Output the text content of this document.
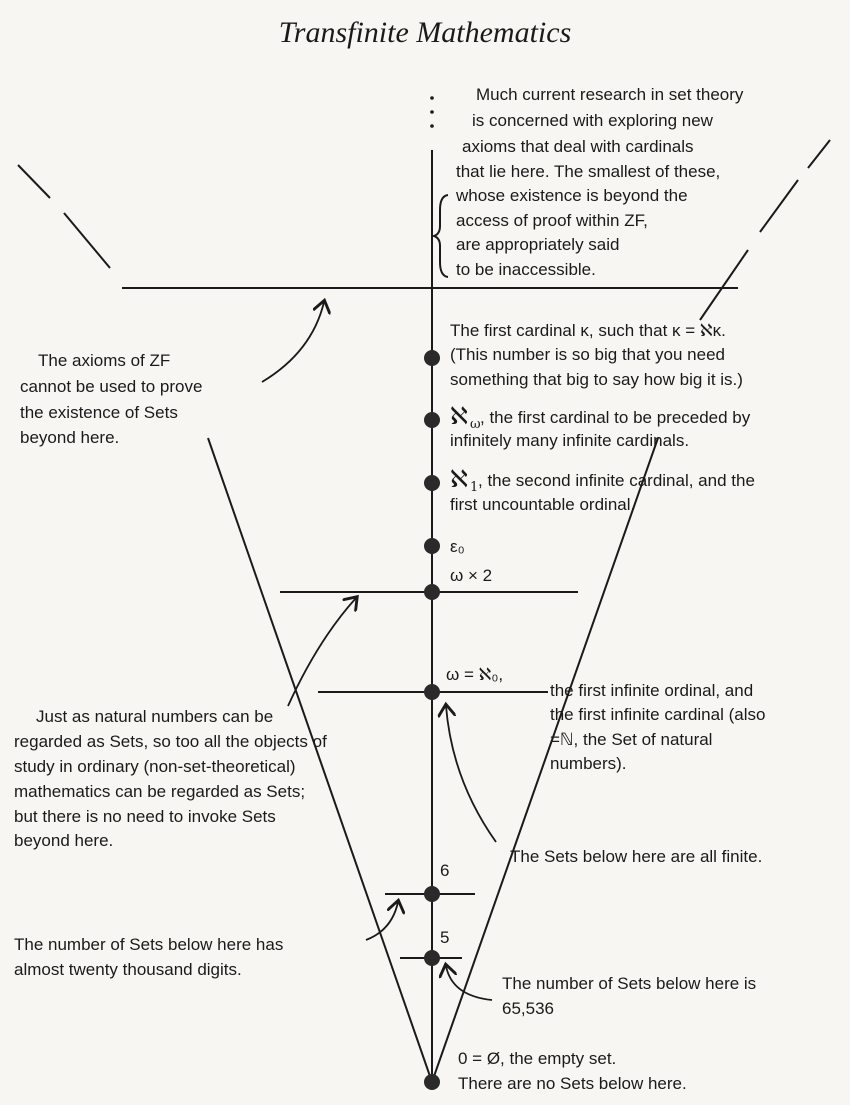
Transfinite Mathematics
Much current research in set theory
is concerned with exploring new
axioms that deal with cardinals
that lie here. The smallest of these,
whose existence is beyond the
access of proof within ZF,
are appropriately said
to be inaccessible.
The axioms of ZF
cannot be used to prove
the existence of Sets
beyond here.
The first cardinal κ, such that κ = ℵκ.
(This number is so big that you need
something that big to say how big it is.)
ℵ ω , the first cardinal to be preceded by
infinitely many infinite cardinals.
ℵ 1 , the second infinite cardinal, and the
first uncountable ordinal.
ε₀
ω × 2
ω = ℵ₀,
the first infinite ordinal, and
the first infinite cardinal (also
=ℕ, the Set of natural
numbers).
Just as natural numbers can be
regarded as Sets, so too all the objects of
study in ordinary (non-set-theoretical)
mathematics can be regarded as Sets;
but there is no need to invoke Sets
beyond here.
The Sets below here are all finite.
6
5
The number of Sets below here has
almost twenty thousand digits.
The number of Sets below here is
65,536
0 = Ø, the empty set.
There are no Sets below here.
